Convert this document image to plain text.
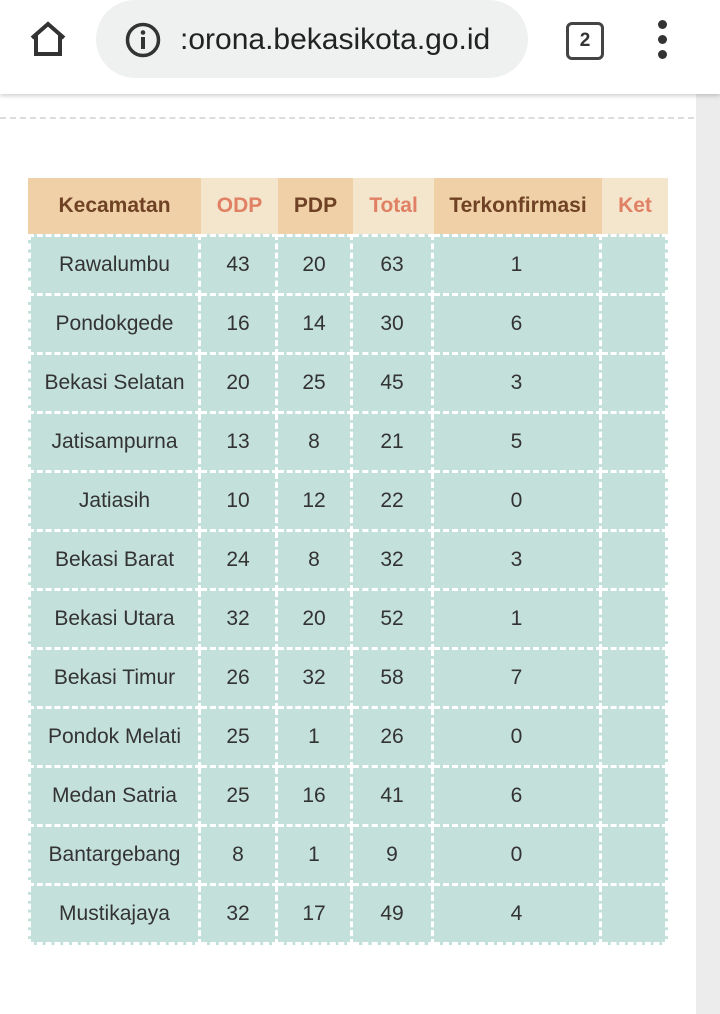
:orona.bekasikota.go.id	2
Kecamatan	ODP	PDP	Total	Terkonfirmasi	Ket
Rawalumbu	43	20	63	1	
Pondokgede	16	14	30	6	
Bekasi Selatan	20	25	45	3	
Jatisampurna	13	8	21	5	
Jatiasih	10	12	22	0	
Bekasi Barat	24	8	32	3	
Bekasi Utara	32	20	52	1	
Bekasi Timur	26	32	58	7	
Pondok Melati	25	1	26	0	
Medan Satria	25	16	41	6	
Bantargebang	8	1	9	0	
Mustikajaya	32	17	49	4	
